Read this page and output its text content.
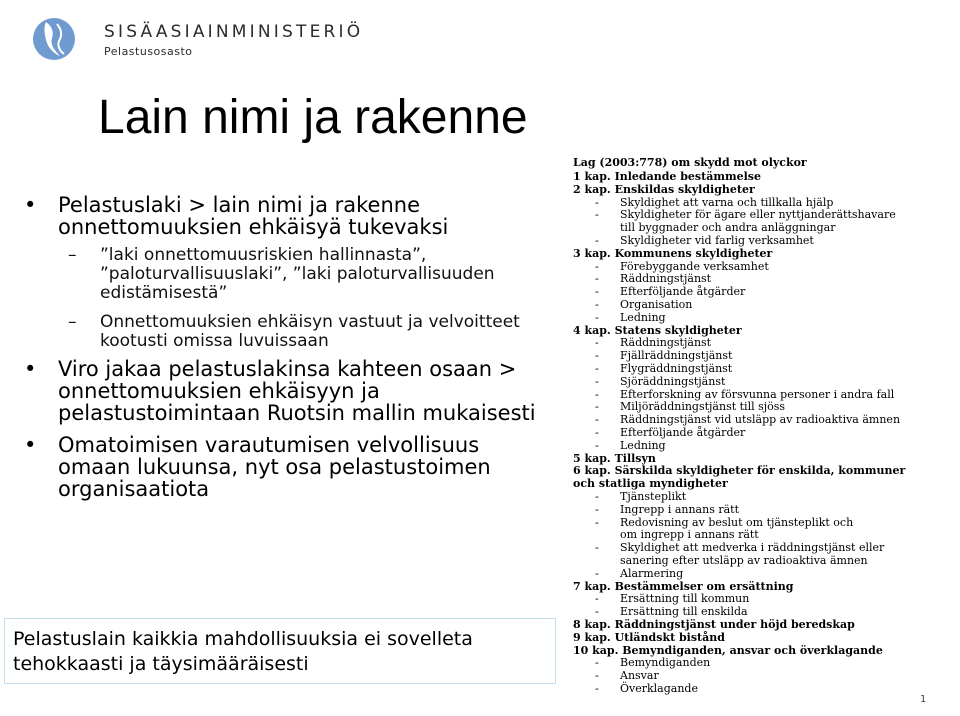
SISÄASIAINMINISTERIÖ
Pelastusosasto
Lain nimi ja rakenne
• Pelastuslaki > lain nimi ja rakenne onnettomuuksien ehkäisyä tukevaksi
– ”laki onnettomuusriskien hallinnasta”, ”paloturvallisuuslaki”, ”laki paloturvallisuuden edistämisestä”
– Onnettomuuksien ehkäisyn vastuut ja velvoitteet kootusti omissa luvuissaan
• Viro jakaa pelastuslakinsa kahteen osaan > onnettomuuksien ehkäisyyn ja pelastustoimintaan Ruotsin mallin mukaisesti
• Omatoimisen varautumisen velvollisuus omaan lukuunsa, nyt osa pelastustoimen organisaatiota
Lag (2003:778) om skydd mot olyckor
1 kap. Inledande bestämmelse
2 kap. Enskildas skyldigheter
- Skyldighet att varna och tillkalla hjälp
- Skyldigheter för ägare eller nyttjanderättshavare
till byggnader och andra anläggningar
- Skyldigheter vid farlig verksamhet
3 kap. Kommunens skyldigheter
- Förebyggande verksamhet
- Räddningstjänst
- Efterföljande åtgärder
- Organisation
- Ledning
4 kap. Statens skyldigheter
- Räddningstjänst
- Fjällräddningstjänst
- Flygräddningstjänst
- Sjöräddningstjänst
- Efterforskning av försvunna personer i andra fall
- Miljöräddningstjänst till sjöss
- Räddningstjänst vid utsläpp av radioaktiva ämnen
- Efterföljande åtgärder
- Ledning
5 kap. Tillsyn
6 kap. Särskilda skyldigheter för enskilda, kommuner
och statliga myndigheter
- Tjänsteplikt
- Ingrepp i annans rätt
- Redovisning av beslut om tjänsteplikt och
om ingrepp i annans rätt
- Skyldighet att medverka i räddningstjänst eller
sanering efter utsläpp av radioaktiva ämnen
- Alarmering
7 kap. Bestämmelser om ersättning
- Ersättning till kommun
- Ersättning till enskilda
8 kap. Räddningstjänst under höjd beredskap
9 kap. Utländskt bistånd
10 kap. Bemyndiganden, ansvar och överklagande
- Bemyndiganden
- Ansvar
- Överklagande
Pelastuslain kaikkia mahdollisuuksia ei sovelleta
tehokkaasti ja täysimääräisesti
1
